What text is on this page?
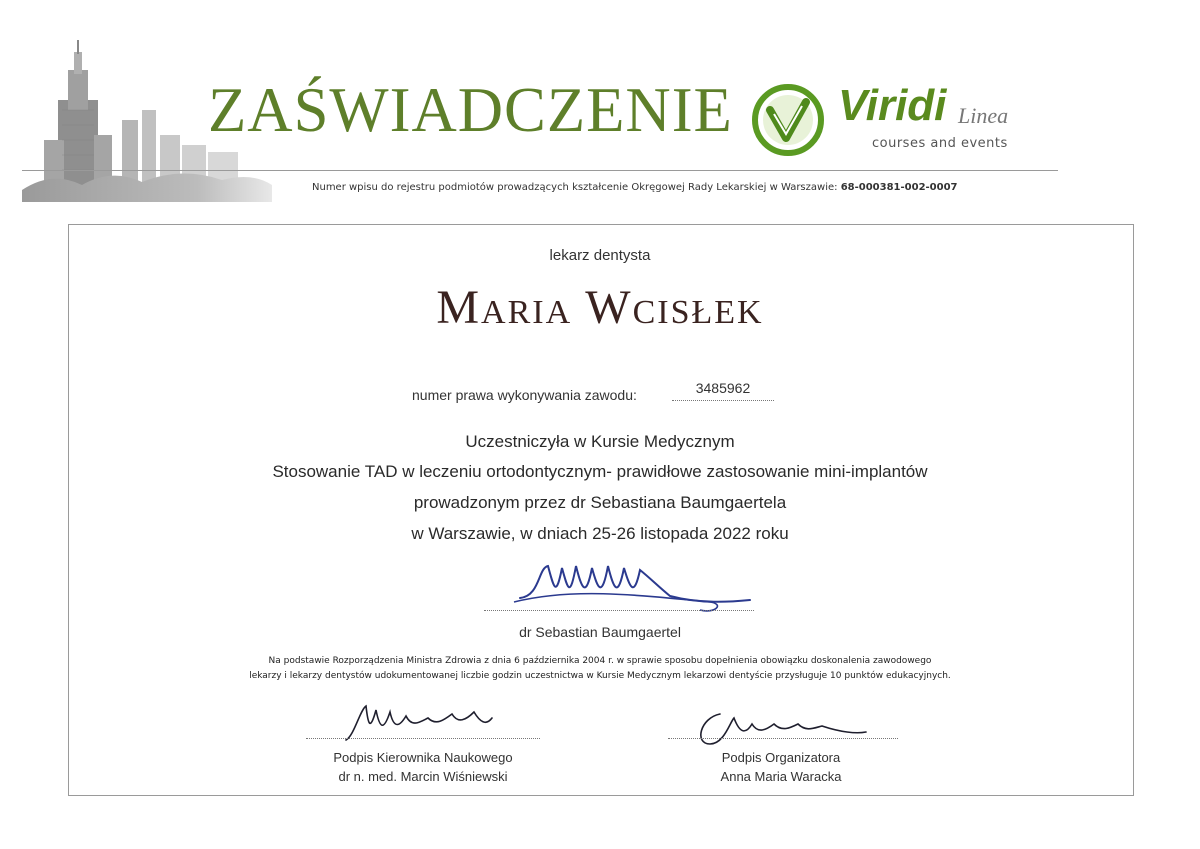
ZAŚWIADCZENIE Viridi Linea
courses and events
Numer wpisu do rejestru podmiotów prowadzących kształcenie Okręgowej Rady Lekarskiej w Warszawie: 68-000381-002-0007
lekarz dentysta
Maria Wcisłek
numer prawa wykonywania zawodu:	3485962
Uczestniczyła w Kursie Medycznym
Stosowanie TAD w leczeniu ortodontycznym- prawidłowe zastosowanie mini-implantów
prowadzonym przez dr Sebastiana Baumgaertela
w Warszawie, w dniach 25-26 listopada 2022 roku
dr Sebastian Baumgaertel
Na podstawie Rozporządzenia Ministra Zdrowia z dnia 6 października 2004 r. w sprawie sposobu dopełnienia obowiązku doskonalenia zawodowego
lekarzy i lekarzy dentystów udokumentowanej liczbie godzin uczestnictwa w Kursie Medycznym lekarzowi dentyście przysługuje 10 punktów edukacyjnych.
Podpis Kierownika Naukowego
dr n. med. Marcin Wiśniewski
Podpis Organizatora
Anna Maria Waracka
